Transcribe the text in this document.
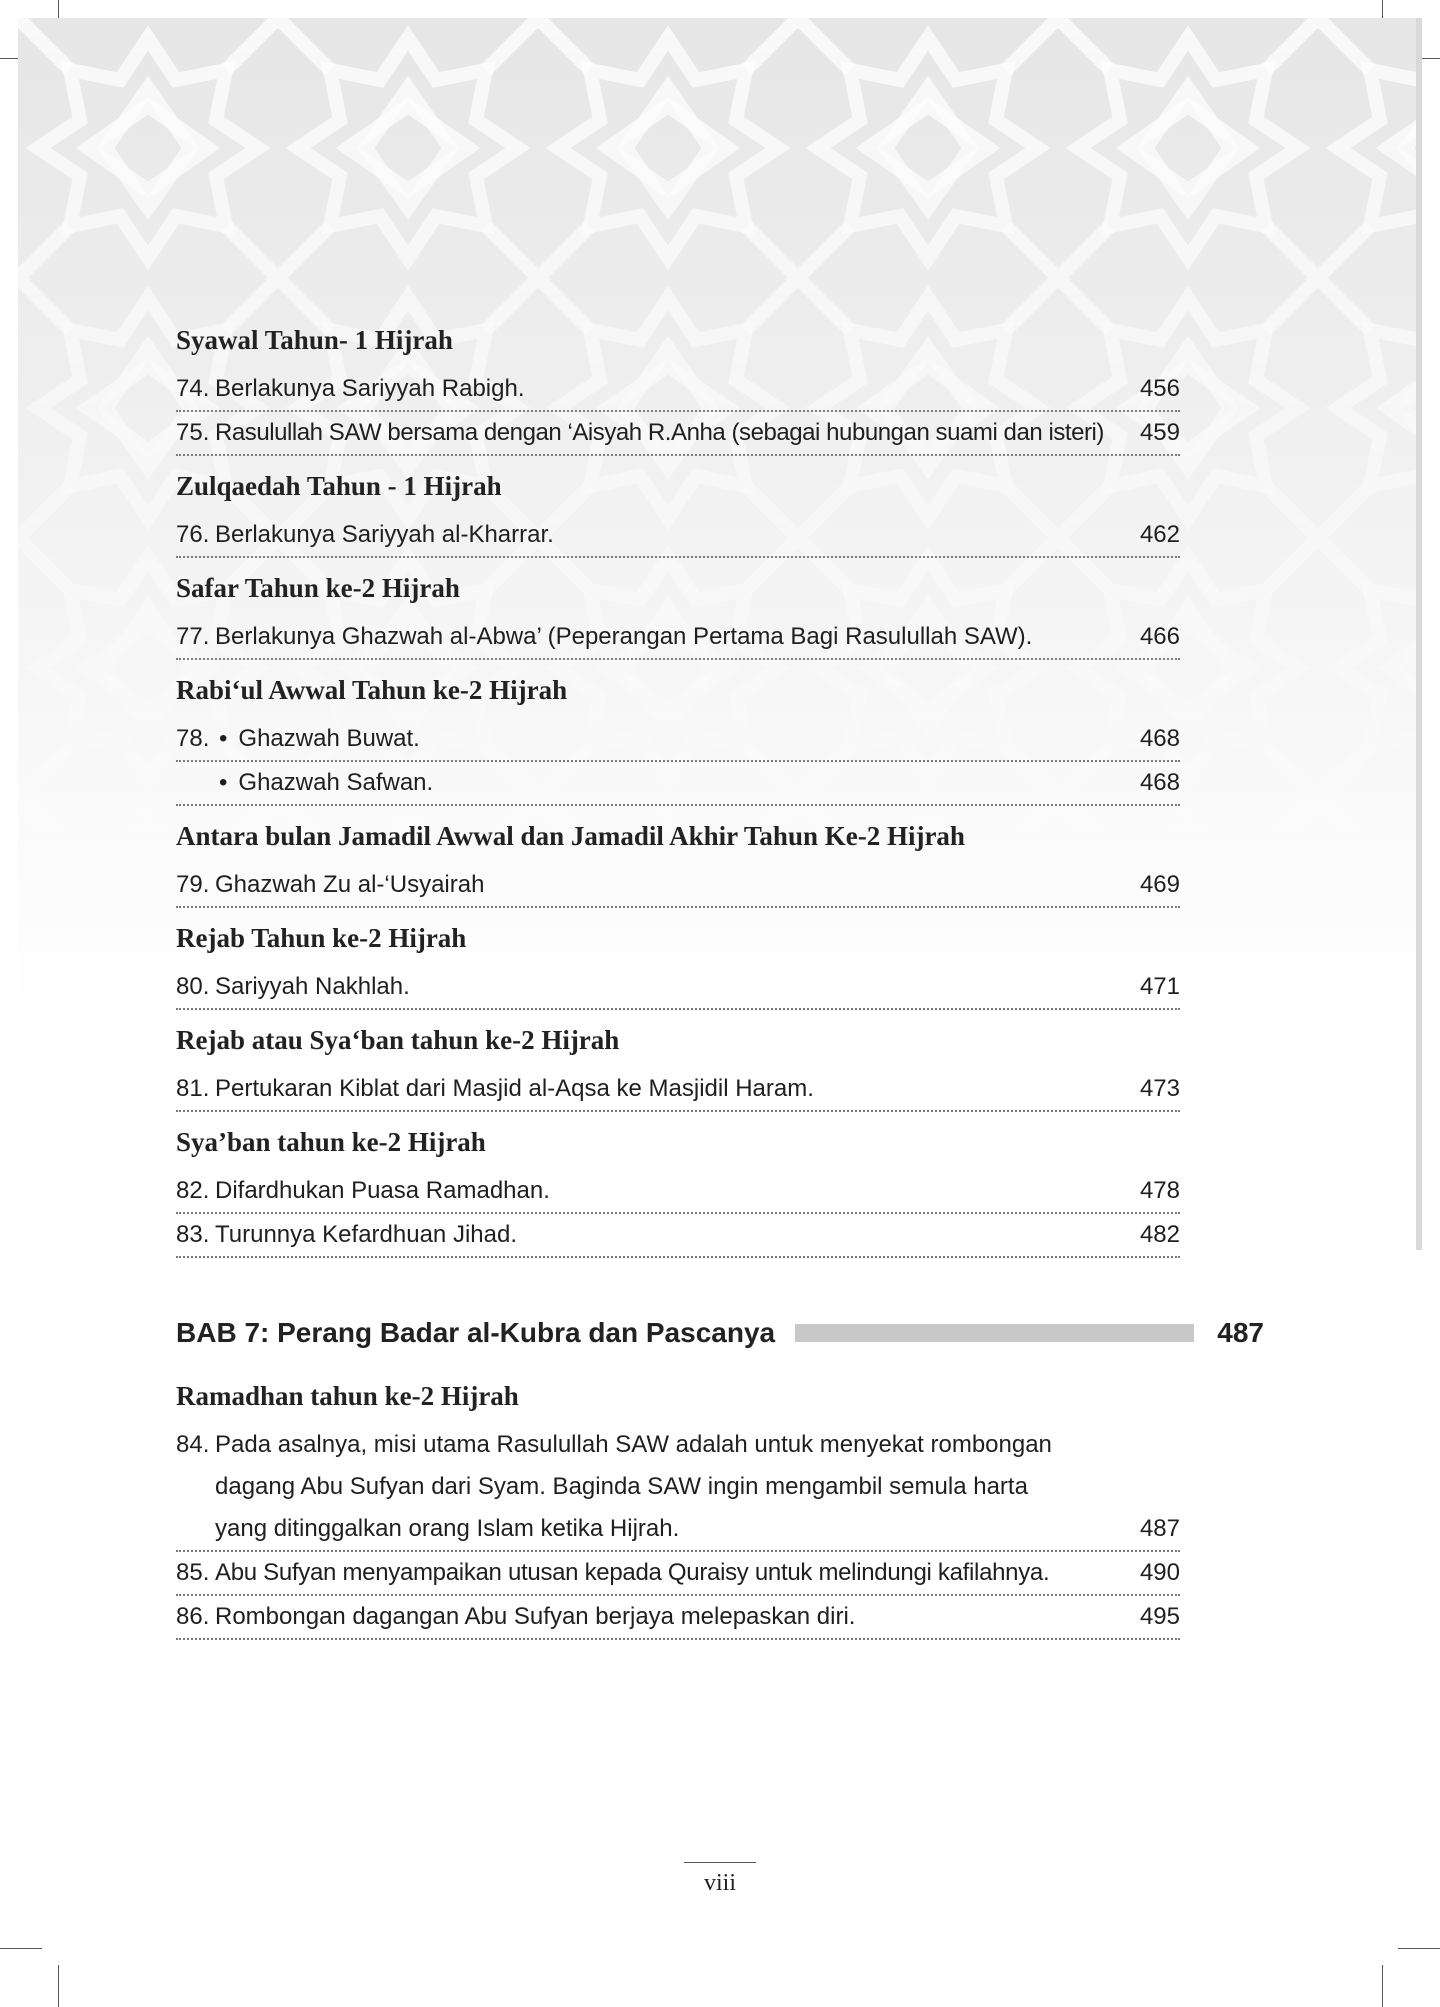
Syawal Tahun- 1 Hijrah
74. Berlakunya Sariyyah Rabigh.	456
75. Rasulullah SAW bersama dengan ‘Aisyah R.Anha (sebagai hubungan suami dan isteri)	459
Zulqaedah Tahun - 1 Hijrah
76. Berlakunya Sariyyah al-Kharrar.	462
Safar Tahun ke-2 Hijrah
77. Berlakunya Ghazwah al-Abwa’ (Peperangan Pertama Bagi Rasulullah SAW).	466
Rabi‘ul Awwal Tahun ke-2 Hijrah
78. • Ghazwah Buwat.	468
• Ghazwah Safwan.	468
Antara bulan Jamadil Awwal dan Jamadil Akhir Tahun Ke-2 Hijrah
79. Ghazwah Zu al-‘Usyairah	469
Rejab Tahun ke-2 Hijrah
80. Sariyyah Nakhlah.	471
Rejab atau Sya‘ban tahun ke-2 Hijrah
81. Pertukaran Kiblat dari Masjid al-Aqsa ke Masjidil Haram.	473
Sya’ban tahun ke-2 Hijrah
82. Difardhukan Puasa Ramadhan.	478
83. Turunnya Kefardhuan Jihad.	482
BAB 7: Perang Badar al-Kubra dan Pascanya	487
Ramadhan tahun ke-2 Hijrah
84. Pada asalnya, misi utama Rasulullah SAW adalah untuk menyekat rombongan
dagang Abu Sufyan dari Syam. Baginda SAW ingin mengambil semula harta
yang ditinggalkan orang Islam ketika Hijrah.	487
85. Abu Sufyan menyampaikan utusan kepada Quraisy untuk melindungi kafilahnya.	490
86. Rombongan dagangan Abu Sufyan berjaya melepaskan diri.	495
viii
